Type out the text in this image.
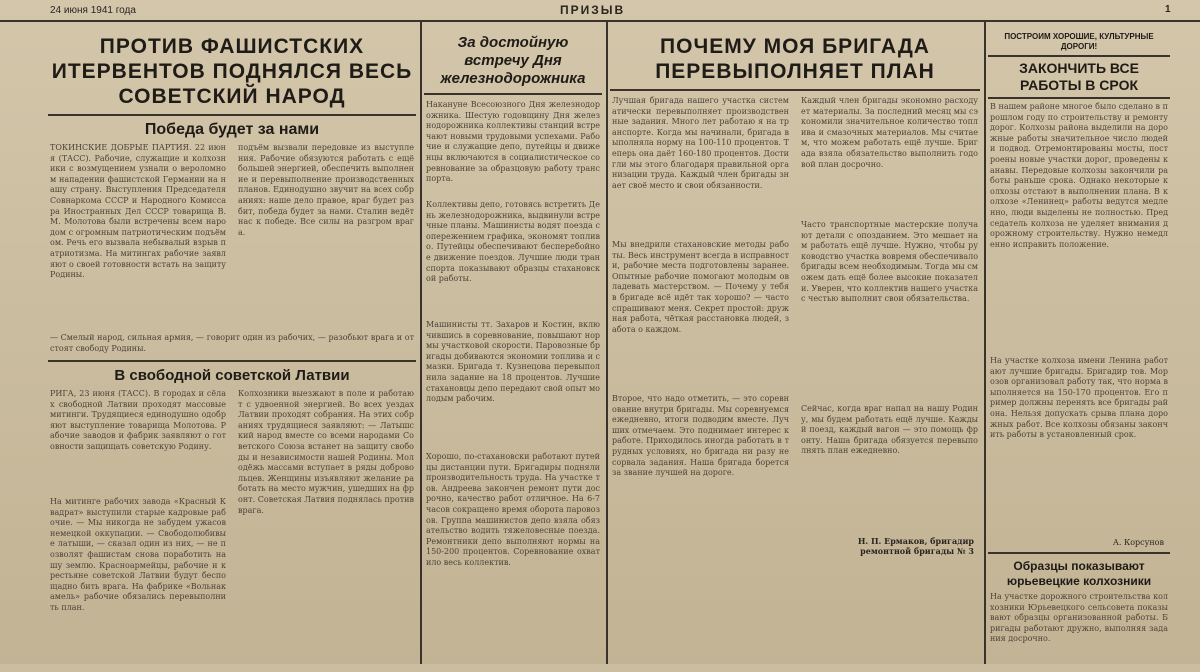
24 июня 1941 года	ПРИЗЫВ	1
ПРОТИВ ФАШИСТСКИХ ИТЕРВЕНТОВ ПОДНЯЛСЯ ВЕСЬ СОВЕТСКИЙ НАРОД
Победа будет за нами

ТОКИНСКИЕ ДОБРЫЕ ПАРТИЯ. 22 июня (ТАСС). Рабочие, служащие и колхозники с возмущением узнали о вероломном нападении фашистской Германии на нашу страну. Выступления Председателя Совнаркома СССР и Народного Комиссара Иностранных Дел СССР товарища В. М. Молотова были встречены всем народом с огромным патриотическим подъёмом. Речь его вызвала небывалый взрыв патриотизма. На митингах рабочие заявляют о своей готовности встать на защиту Родины.

подъём вызвали передовые из выступления. Рабочие обязуются работать с ещё большей энергией, обеспечить выполнение и перевыполнение производственных планов. Единодушно звучит на всех собраниях: наше дело правое, враг будет разбит, победа будет за нами. Сталин ведёт нас к победе. Все силы на разгром врага.

— Смелый народ, сильная армия, — говорит один из рабочих, — разобьют врага и отстоят свободу Родины.

В свободной советской Латвии

РИГА, 23 июня (ТАСС). В городах и сёлах свободной Латвии проходят массовые митинги. Трудящиеся единодушно одобряют выступление товарища Молотова. Рабочие заводов и фабрик заявляют о готовности защищать советскую Родину.

На митинге рабочих завода «Красный Квадрат» выступили старые кадровые рабочие. — Мы никогда не забудем ужасов немецкой оккупации. — Свободолюбивые латыши, — сказал один из них, — не позволят фашистам снова поработить нашу землю. Красноармейцы, рабочие и крестьяне советской Латвии будут беспощадно бить врага. На фабрике «Вольнакамель» рабочие обязались перевыполнить план.

Колхозники выезжают в поле и работают с удвоенной энергией. Во всех уездах Латвии проходят собрания. На этих собраниях трудящиеся заявляют: — Латышский народ вместе со всеми народами Советского Союза встанет на защиту свободы и независимости нашей Родины. Молодёжь массами вступает в ряды добровольцев. Женщины изъявляют желание работать на место мужчин, ушедших на фронт. Советская Латвия поднялась против врага.

За достойную встречу Дня железнодорожника

Накануне Всесоюзного Дня железнодорожника. Шестую годовщину Дня железнодорожника коллективы станций встречают новыми трудовыми успехами. Рабочие и служащие депо, путейцы и движенцы включаются в социалистическое соревнование за образцовую работу транспорта.

Коллективы депо, готовясь встретить День железнодорожника, выдвинули встречные планы. Машинисты водят поезда с опережением графика, экономят топливо. Путейцы обеспечивают бесперебойное движение поездов. Лучшие люди транспорта показывают образцы стахановской работы.

Машинисты тт. Захаров и Костин, включившись в соревнование, повышают нормы участковой скорости. Паровозные бригады добиваются экономии топлива и смазки. Бригада т. Кузнецова перевыполнила задание на 18 процентов. Лучшие стахановцы депо передают свой опыт молодым рабочим.

Хорошо, по-стахановски работают путейцы дистанции пути. Бригадиры подняли производительность труда. На участке тов. Андреева закончен ремонт пути досрочно, качество работ отличное. На 6-7 часов сокращено время оборота паровозов. Группа машинистов депо взяла обязательство водить тяжеловесные поезда. Ремонтники депо выполняют нормы на 150-200 процентов. Соревнование охватило весь коллектив.

ПОЧЕМУ МОЯ БРИГАДА ПЕРЕВЫПОЛНЯЕТ ПЛАН

Лучшая бригада нашего участка систематически перевыполняет производственные задания. Много лет работаю я на транспорте. Когда мы начинали, бригада выполняла норму на 100-110 процентов. Теперь она даёт 160-180 процентов. Достигли мы этого благодаря правильной организации труда. Каждый член бригады знает своё место и свои обязанности.

Мы внедрили стахановские методы работы. Весь инструмент всегда в исправности, рабочие места подготовлены заранее. Опытные рабочие помогают молодым овладевать мастерством. — Почему у тебя в бригаде всё идёт так хорошо? — часто спрашивают меня. Секрет простой: дружная работа, чёткая расстановка людей, забота о каждом.

Второе, что надо отметить, — это соревнование внутри бригады. Мы соревнуемся ежедневно, итоги подводим вместе. Лучших отмечаем. Это поднимает интерес к работе. Приходилось иногда работать в трудных условиях, но бригада ни разу не сорвала задания. Наша бригада борется за звание лучшей на дороге.

Каждый член бригады экономно расходует материалы. За последний месяц мы сэкономили значительное количество топлива и смазочных материалов. Мы считаем, что можем работать ещё лучше. Бригада взяла обязательство выполнить годовой план досрочно.

Часто транспортные мастерские получают детали с опозданием. Это мешает нам работать ещё лучше. Нужно, чтобы руководство участка вовремя обеспечивало бригады всем необходимым. Тогда мы сможем дать ещё более высокие показатели. Уверен, что коллектив нашего участка с честью выполнит свои обязательства.

Сейчас, когда враг напал на нашу Родину, мы будем работать ещё лучше. Каждый поезд, каждый вагон — это помощь фронту. Наша бригада обязуется перевыполнять план ежедневно.

Н. П. Ермаков, бригадир ремонтной бригады № 3

ПОСТРОИМ ХОРОШИЕ, КУЛЬТУРНЫЕ ДОРОГИ!

ЗАКОНЧИТЬ ВСЕ РАБОТЫ В СРОК

В нашем районе многое было сделано в прошлом году по строительству и ремонту дорог. Колхозы района выделили на дорожные работы значительное число людей и подвод. Отремонтированы мосты, построены новые участки дорог, проведены канавы. Передовые колхозы закончили работы раньше срока. Однако некоторые колхозы отстают в выполнении плана. В колхозе «Ленинец» работы ведутся медленно, люди выделены не полностью. Председатель колхоза не уделяет внимания дорожному строительству. Нужно немедленно исправить положение.

На участке колхоза имени Ленина работают лучшие бригады. Бригадир тов. Морозов организовал работу так, что норма выполняется на 150-170 процентов. Его пример должны перенять все бригады района. Нельзя допускать срыва плана дорожных работ. Все колхозы обязаны закончить работы в установленный срок.

А. Корсунов

Образцы показывают юрьевецкие колхозники

На участке дорожного строительства колхозники Юрьевецкого сельсовета показывают образцы организованной работы. Бригады работают дружно, выполняя задания досрочно.
